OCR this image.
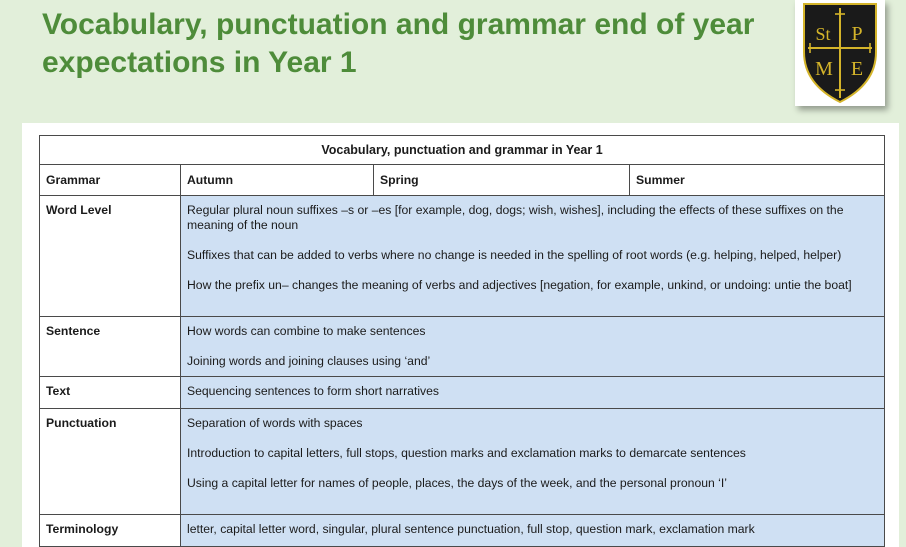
Vocabulary, punctuation and grammar end of year
expectations in Year 1
St P
M E
Vocabulary, punctuation and grammar in Year 1			
Grammar	Autumn	Spring	Summer
Word Level	Regular plural noun suffixes –s or –es [for example, dog, dogs; wish, wishes], including the effects of these suffixes on the meaning of the noun

Suffixes that can be added to verbs where no change is needed in the spelling of root words (e.g. helping, helped, helper)

How the prefix un– changes the meaning of verbs and adjectives [negation, for example, unkind, or undoing: untie the boat]		

Sentence	How words can combine to make sentences

Joining words and joining clauses using ‘and’		

Text	Sequencing sentences to form short narratives		

Punctuation	Separation of words with spaces

Introduction to capital letters, full stops, question marks and exclamation marks to demarcate sentences

Using a capital letter for names of people, places, the days of the week, and the personal pronoun ‘I’		

Terminology	letter, capital letter word, singular, plural sentence punctuation, full stop, question mark, exclamation mark		
